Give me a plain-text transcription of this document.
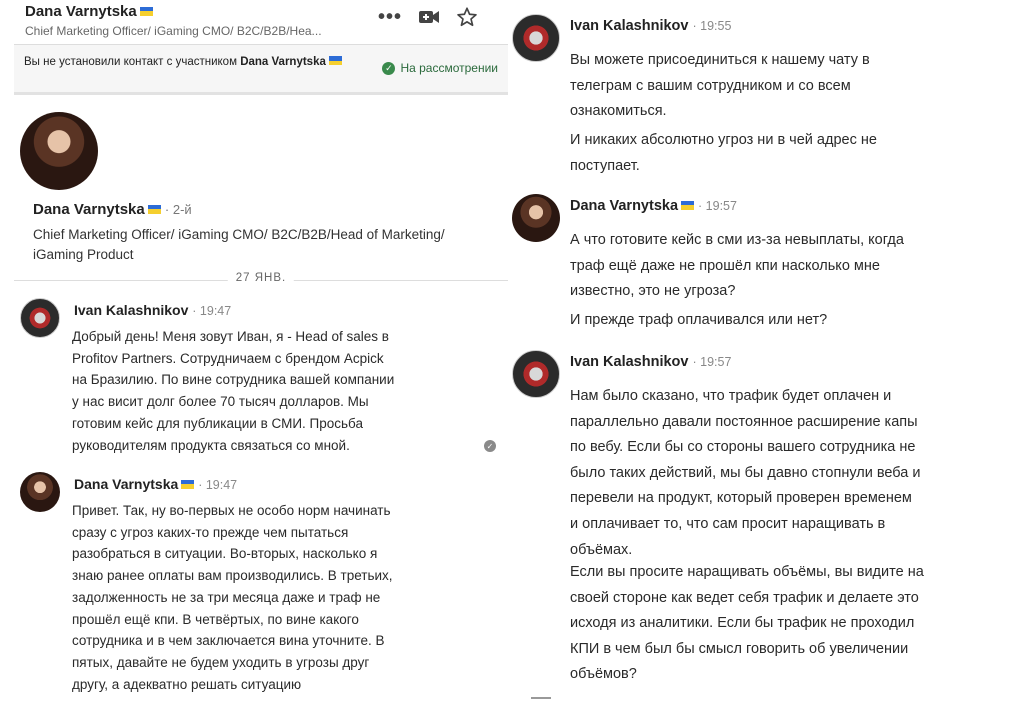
Dana Varnytska
Chief Marketing Officer/ iGaming CMO/ B2C/B2B/Hea...
•••
Вы не установили контакт с участником Dana Varnytska	✓ На рассмотрении
Dana Varnytska · 2-й
Chief Marketing Officer/ iGaming CMO/ B2C/B2B/Head of Marketing/ iGaming Product
27 ЯНВ.
Ivan Kalashnikov · 19:47
Добрый день! Меня зовут Иван, я - Head of sales в
Profitov Partners. Сотрудничаем с брендом Acpick
на Бразилию. По вине сотрудника вашей компании
у нас висит долг более 70 тысяч долларов. Мы
готовим кейс для публикации в СМИ. Просьба
руководителям продукта связаться со мной.	✓
Dana Varnytska · 19:47
Привет. Так, ну во-первых не особо норм начинать
сразу с угроз каких-то прежде чем пытаться
разобраться в ситуации. Во-вторых, насколько я
знаю ранее оплаты вам производились. В третьих,
задолженность не за три месяца даже и траф не
прошёл ещё кпи. В четвёртых, по вине какого
сотрудника и в чем заключается вина уточните. В
пятых, давайте не будем уходить в угрозы друг
другу, а адекватно решать ситуацию
Ivan Kalashnikov · 19:55
Вы можете присоединиться к нашему чату в
телеграм с вашим сотрудником и со всем
ознакомиться.
И никаких абсолютно угроз ни в чей адрес не
поступает.
Dana Varnytska · 19:57
А что готовите кейс в сми из-за невыплаты, когда
траф ещё даже не прошёл кпи насколько мне
известно, это не угроза?
И прежде траф оплачивался или нет?
Ivan Kalashnikov · 19:57
Нам было сказано, что трафик будет оплачен и
параллельно давали постоянное расширение капы
по вебу. Если бы со стороны вашего сотрудника не
было таких действий, мы бы давно стопнули веба и
перевели на продукт, который проверен временем
и оплачивает то, что сам просит наращивать в
объёмах.
Если вы просите наращивать объёмы, вы видите на
своей стороне как ведет себя трафик и делаете это
исходя из аналитики. Если бы трафик не проходил
КПИ в чем был бы смысл говорить об увеличении
объёмов?
